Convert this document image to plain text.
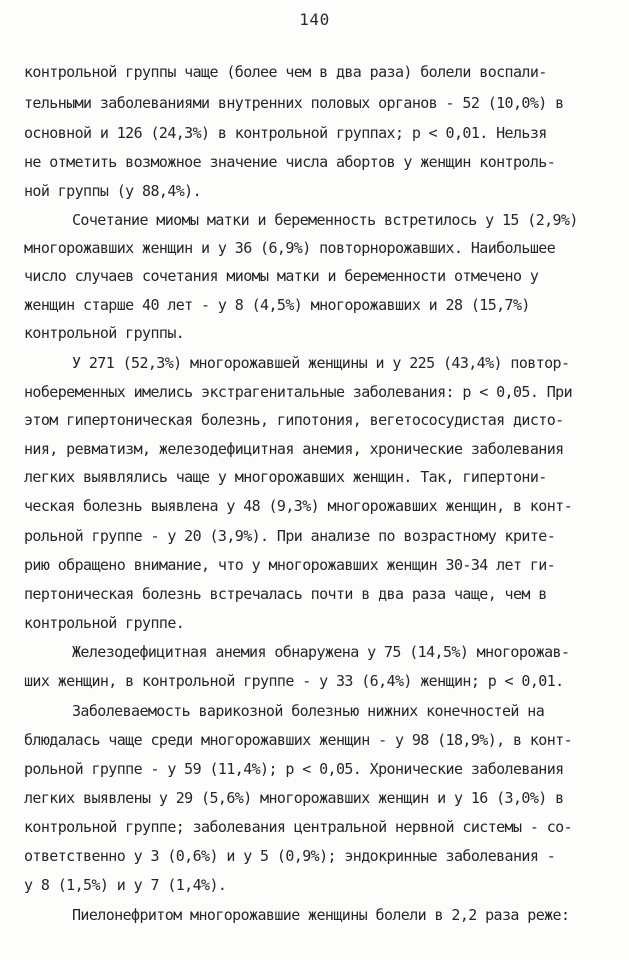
140
контрольной группы чаще (более чем в два раза) болели воспали-
тельными заболеваниями внутренних половых органов - 52 (10,0%) в
основной и 126 (24,3%) в контрольной группах; р < 0,01. Нельзя
не отметить возможное значение числа абортов у женщин контроль-
ной группы (у 88,4%).
Сочетание миомы матки и беременность встретилось у 15 (2,9%)
многорожавших женщин и у 36 (6,9%) повторнорожавших. Наибольшее
число случаев сочетания миомы матки и беременности отмечено у
женщин старше 40 лет - у 8 (4,5%) многорожавших и 28 (15,7%)
контрольной группы.
У 271 (52,3%) многорожавшей женщины и у 225 (43,4%) повтор-
нобеременных имелись экстрагенитальные заболевания: р < 0,05. При
этом гипертоническая болезнь, гипотония, вегетососудистая дисто-
ния, ревматизм, железодефицитная анемия, хронические заболевания
легких выявлялись чаще у многорожавших женщин. Так, гипертони-
ческая болезнь выявлена у 48 (9,3%) многорожавших женщин, в конт-
рольной группе - у 20 (3,9%). При анализе по возрастному крите-
рию обращено внимание, что у многорожавших женщин 30-34 лет ги-
пертоническая болезнь встречалась почти в два раза чаще, чем в
контрольной группе.
Железодефицитная анемия обнаружена у 75 (14,5%) многорожав-
ших женщин, в контрольной группе - у 33 (6,4%) женщин; р < 0,01.
Заболеваемость варикозной болезнью нижних конечностей на
блюдалась чаще среди многорожавших женщин - у 98 (18,9%), в конт-
рольной группе - у 59 (11,4%); р < 0,05. Хронические заболевания
легких выявлены у 29 (5,6%) многорожавших женщин и у 16 (3,0%) в
контрольной группе; заболевания центральной нервной системы - со-
ответственно у 3 (0,6%) и у 5 (0,9%); эндокринные заболевания -
у 8 (1,5%) и у 7 (1,4%).
Пиелонефритом многорожавшие женщины болели в 2,2 раза реже:
